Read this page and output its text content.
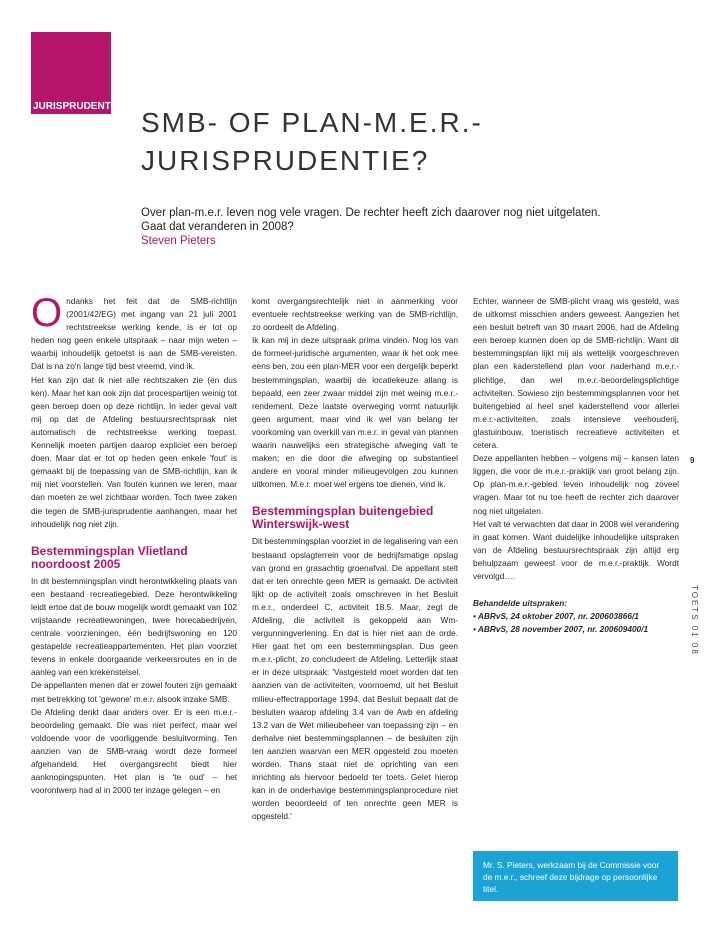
JURISPRUDENTIE
SMB- OF PLAN-M.E.R.-
JURISPRUDENTIE?

Over plan-m.e.r. leven nog vele vragen. De rechter heeft zich daarover nog niet uitgelaten.

Gaat dat veranderen in 2008?

Steven Pieters

Ondanks het feit dat de SMB-richtlijn (2001/42/EG) met ingang van 21 juli 2001 rechtstreekse werking kende, is er tot op heden nog geen enkele uitspraak – naar mijn weten – waarbij inhoudelijk getoetst is aan de SMB-vereisten. Dat is na zo'n lange tijd best vreemd, vind ik.

Het kan zijn dat ik niet alle rechtszaken zie (en dus ken). Maar het kan ook zijn dat procespartijen weinig tot geen beroep doen op deze richtlijn. In ieder geval valt mij op dat de Afdeling bestuursrechtspraak niet automatisch de rechtstreekse werking toepast. Kennelijk moeten partijen daarop expliciet een beroep doen. Maar dat er tot op heden geen enkele 'fout' is gemaakt bij de toepassing van de SMB-richtlijn, kan ik mij niet voorstellen. Van fouten kunnen we leren, maar dan moeten ze wel zichtbaar worden. Toch twee zaken die tegen de SMB-jurisprudentie aanhangen, maar het inhoudelijk nog niet zijn.

Bestemmingsplan Vlietland noordoost 2005

In dit bestemmingsplan vindt herontwikkeling plaats van een bestaand recreatiegebied. Deze herontwikkeling leidt ertoe dat de bouw mogelijk wordt gemaakt van 102 vrijstaande recreatiewoningen, twee horecabedrijven, centrale voorzieningen, één bedrijfswoning en 120 gestapelde recreatieappartementen. Het plan voorziet tevens in enkele doorgaande verkeersroutes en in de aanleg van een krekenstelsel.

De appellanten menen dat er zowel fouten zijn gemaakt met betrekking tot 'gewone' m.e.r. alsook inzake SMB.

De Afdeling denkt daar anders over. Er is een m.e.r.-beoordeling gemaakt. Die was niet perfect, maar wel voldoende voor de voorliggende besluitvorming. Ten aanzien van de SMB-vraag wordt deze formeel afgehandeld. Het overgangsrecht biedt hier aanknopingspunten. Het plan is 'te oud' – het voorontwerp had al in 2000 ter inzage gelegen – en

komt overgangsrechtelijk niet in aanmerking voor eventuele rechtstreekse werking van de SMB-richtlijn, zo oordeelt de Afdeling.

Ik kan mij in deze uitspraak prima vinden. Nog los van de formeel-juridische argumenten, waar ik het ook mee eens ben, zou een plan-MER voor een dergelijk beperkt bestemmingsplan, waarbij de locatiekeuze allang is bepaald, een zeer zwaar middel zijn met weinig m.e.r.-rendement. Deze laatste overweging vormt natuurlijk geen argument, maar vind ik wel van belang ter voorkoming van overkill van m.e.r. in geval van plannen waarin nauwelijks een strategische afweging valt te maken; en die door die afweging op substantieel andere en vooral minder milieugevolgen zou kunnen uitkomen. M.e.r. moet wel ergens toe dienen, vind ik.

Bestemmingsplan buitengebied Winterswijk-west

Dit bestemmingsplan voorziet in de legalisering van een bestaand opslagterrein voor de bedrijfsmatige opslag van grond en grasachtig groenafval. De appellant stelt dat er ten onrechte geen MER is gemaakt. De activiteit lijkt op de activiteit zoals omschreven in het Besluit m.e.r., onderdeel C, activiteit 18.5. Maar, zegt de Afdeling, die activiteit is gekoppeld aan Wm-vergunningverlening. En dat is hier niet aan de orde. Hier gaat het om een bestemmingsplan. Dus geen m.e.r.-plicht, zo concludeert de Afdeling. Letterlijk staat er in deze uitspraak: 'Vastgesteld moet worden dat ten aanzien van de activiteiten, voornoemd, uit het Besluit milieu-effectrapportage 1994, dat Besluit bepaalt dat de besluiten waarop afdeling 3.4 van de Awb en afdeling 13.2 van de Wet milieubeheer van toepassing zijn – en derhalve niet bestemmingsplannen – de besluiten zijn ten aanzien waarvan een MER opgesteld zou moeten worden. Thans staat niet de oprichting van een inrichting als hiervoor bedoeld ter toets. Gelet hierop kan in de onderhavige bestemmingsplanprocedure niet worden beoordeeld of ten onrechte geen MER is opgesteld.'

Echter, wanneer de SMB-plicht vraag wis gesteld, was de uitkomst misschien anders geweest. Aangezien het een besluit betreft van 30 maart 2006, had de Afdeling een beroep kunnen doen op de SMB-richtlijn. Want dit bestemmingsplan lijkt mij als wettelijk voorgeschreven plan een kaderstellend plan voor naderhand m.e.r.-plichtige, dan wel m.e.r.-beoordelingsplichtige activiteiten. Sowieso zijn bestemmingsplannen voor het buitengebied al heel snel kaderstellend voor allerlei m.e.r.-activiteiten, zoals intensieve veehouderij, glastuinbouw, toeristisch recreatieve activiteiten et cetera.

Deze appellanten hebben – volgens mij – kansen laten liggen, die voor de m.e.r.-praktijk van groot belang zijn. Op plan-m.e.r.-gebied leven inhoudelijk nog zoveel vragen. Maar tot nu toe heeft de rechter zich daarover nog niet uitgelaten.

Het valt te verwachten dat daar in 2008 wel verandering in gaat komen. Want duidelijke inhoudelijke uitspraken van de Afdeling bestuursrechtspraak zijn altijd erg behulpzaam geweest voor de m.e.r.-praktijk. Wordt vervolgd….

Behandelde uitspraken:

• ABRvS, 24 oktober 2007, nr. 200603866/1

• ABRvS, 28 november 2007, nr. 200609400/1

9
TOETS 01 08
Mr. S. Pieters, werkzaam bij de Commissie voor de m.e.r., schreef deze bijdrage op persoonlijke titel.
